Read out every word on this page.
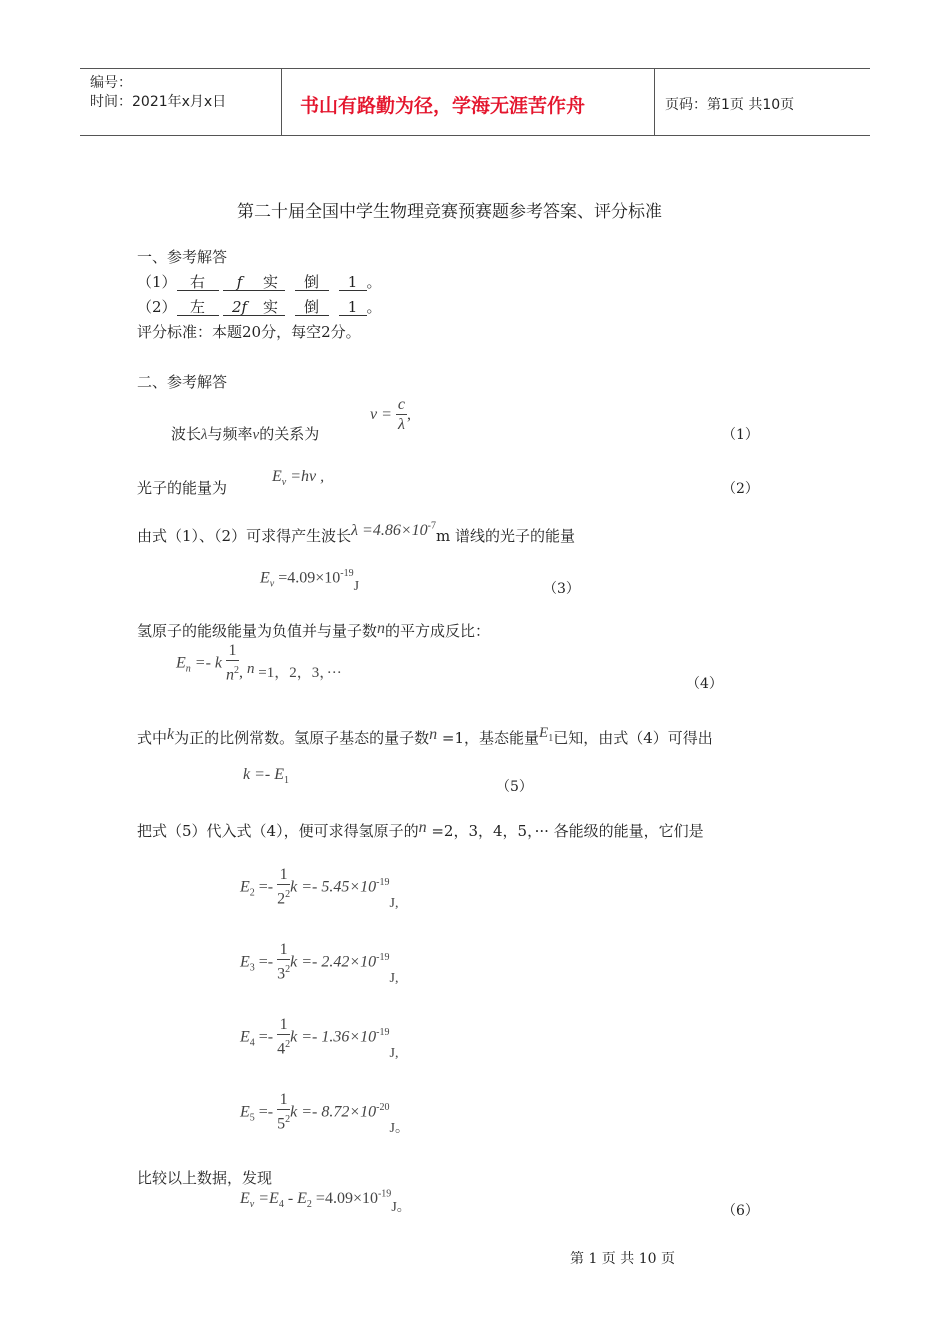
编号：
时间：2021年x月x日	书山有路勤为径，学海无涯苦作舟	页码：第1页 共10页
第二十届全国中学生物理竞赛预赛题参考答案、评分标准
一、参考解答
（1） 右 f 实 倒 1 。
（2） 左 2f 实 倒 1 。
评分标准：本题20分，每空2分。
二、参考解答
波长λ与频率ν的关系为
$\nu = \frac{c}{\lambda}$ ,
（1）
光子的能量为
$E_\nu =h\nu$ ,
（2）
由式（1）、（2）可求得产生波长$\lambda =4.86\times 10^{-7}m$ 谱线的光子的能量
$E_\nu =4.09\times 10^{-19}J$	（3）
氢原子的能级能量为负值并与量子数n的平方成反比：
$E_n =- k \frac{1}{n^2}$ , n =1，2，3，···
（4）
式中k为正的比例常数。氢原子基态的量子数n =1，基态能量$E_1$已知，由式（4）可得出
$k =- E_1$	（5）
把式（5）代入式（4），便可求得氢原子的n =2，3，4，5，··· 各能级的能量，它们是
$E_2 =- \frac{1}{2^2}$ $k =- 5.45\times 10^{-19}J$,
$E_3 =- \frac{1}{3^2}$ $k =- 2.42\times 10^{-19}J$,
$E_4 =- \frac{1}{4^2}$ $k =- 1.36\times 10^{-19}J$,
$E_5 =- \frac{1}{5^2}$ $k =- 8.72\times 10^{-20}J$。
比较以上数据，发现
$E_\nu =E_4 - E_2 =4.09\times 10^{-19}J$。	（6）
第 1 页 共 10 页
